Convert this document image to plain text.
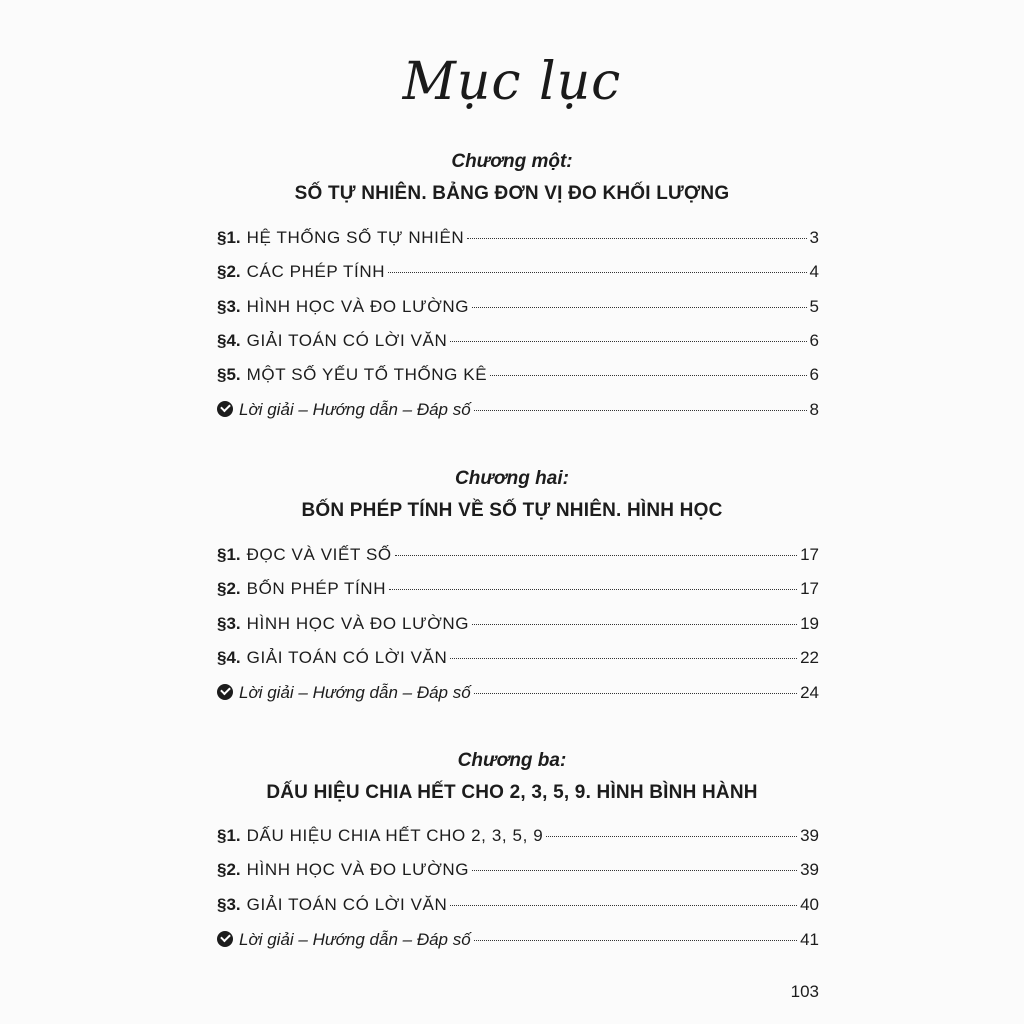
Mục lục
Chương một:
SỐ TỰ NHIÊN. BẢNG ĐƠN VỊ ĐO KHỐI LƯỢNG
§1. HỆ THỐNG SỐ TỰ NHIÊN	3
§2. CÁC PHÉP TÍNH	4
§3. HÌNH HỌC VÀ ĐO LƯỜNG	5
§4. GIẢI TOÁN CÓ LỜI VĂN	6
§5. MỘT SỐ YẾU TỐ THỐNG KÊ	6
Lời giải – Hướng dẫn – Đáp số	8
Chương hai:
BỐN PHÉP TÍNH VỀ SỐ TỰ NHIÊN. HÌNH HỌC
§1. ĐỌC VÀ VIẾT SỐ	17
§2. BỐN PHÉP TÍNH	17
§3. HÌNH HỌC VÀ ĐO LƯỜNG	19
§4. GIẢI TOÁN CÓ LỜI VĂN	22
Lời giải – Hướng dẫn – Đáp số	24
Chương ba:
DẤU HIỆU CHIA HẾT CHO 2, 3, 5, 9. HÌNH BÌNH HÀNH
§1. DẤU HIỆU CHIA HẾT CHO 2, 3, 5, 9	39
§2. HÌNH HỌC VÀ ĐO LƯỜNG	39
§3. GIẢI TOÁN CÓ LỜI VĂN	40
Lời giải – Hướng dẫn – Đáp số	41
103
